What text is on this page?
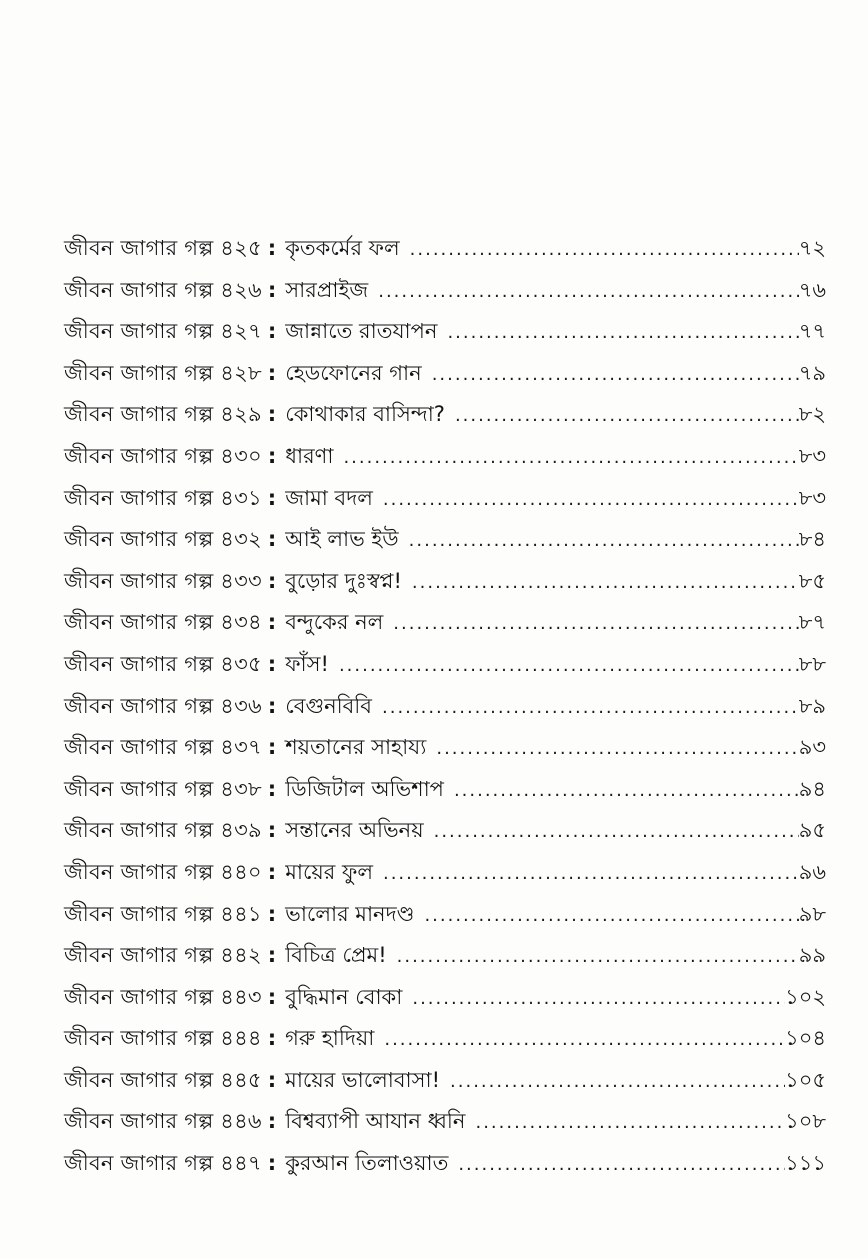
জীবন জাগার গল্প ৪২৫ : কৃতকর্মের ফল .....	৭২
জীবন জাগার গল্প ৪২৬ : সারপ্রাইজ .....	৭৬
জীবন জাগার গল্প ৪২৭ : জান্নাতে রাতযাপন .....	৭৭
জীবন জাগার গল্প ৪২৮ : হেডফোনের গান .....	৭৯
জীবন জাগার গল্প ৪২৯ : কোথাকার বাসিন্দা? .....	৮২
জীবন জাগার গল্প ৪৩০ : ধারণা .....	৮৩
জীবন জাগার গল্প ৪৩১ : জামা বদল .....	৮৩
জীবন জাগার গল্প ৪৩২ : আই লাভ ইউ .....	৮৪
জীবন জাগার গল্প ৪৩৩ : বুড়োর দুঃস্বপ্ন! .....	৮৫
জীবন জাগার গল্প ৪৩৪ : বন্দুকের নল .....	৮৭
জীবন জাগার গল্প ৪৩৫ : ফাঁস! .....	৮৮
জীবন জাগার গল্প ৪৩৬ : বেগুনবিবি .....	৮৯
জীবন জাগার গল্প ৪৩৭ : শয়তানের সাহায্য .....	৯৩
জীবন জাগার গল্প ৪৩৮ : ডিজিটাল অভিশাপ .....	৯৪
জীবন জাগার গল্প ৪৩৯ : সন্তানের অভিনয় .....	৯৫
জীবন জাগার গল্প ৪৪০ : মায়ের ফুল .....	৯৬
জীবন জাগার গল্প ৪৪১ : ভালোর মানদণ্ড .....	৯৮
জীবন জাগার গল্প ৪৪২ : বিচিত্র প্রেম! .....	৯৯
জীবন জাগার গল্প ৪৪৩ : বুদ্ধিমান বোকা .....	১০২
জীবন জাগার গল্প ৪৪৪ : গরু হাদিয়া .....	১০৪
জীবন জাগার গল্প ৪৪৫ : মায়ের ভালোবাসা! .....	১০৫
জীবন জাগার গল্প ৪৪৬ : বিশ্বব্যাপী আযান ধ্বনি .....	১০৮
জীবন জাগার গল্প ৪৪৭ : কুরআন তিলাওয়াত .....	১১১
